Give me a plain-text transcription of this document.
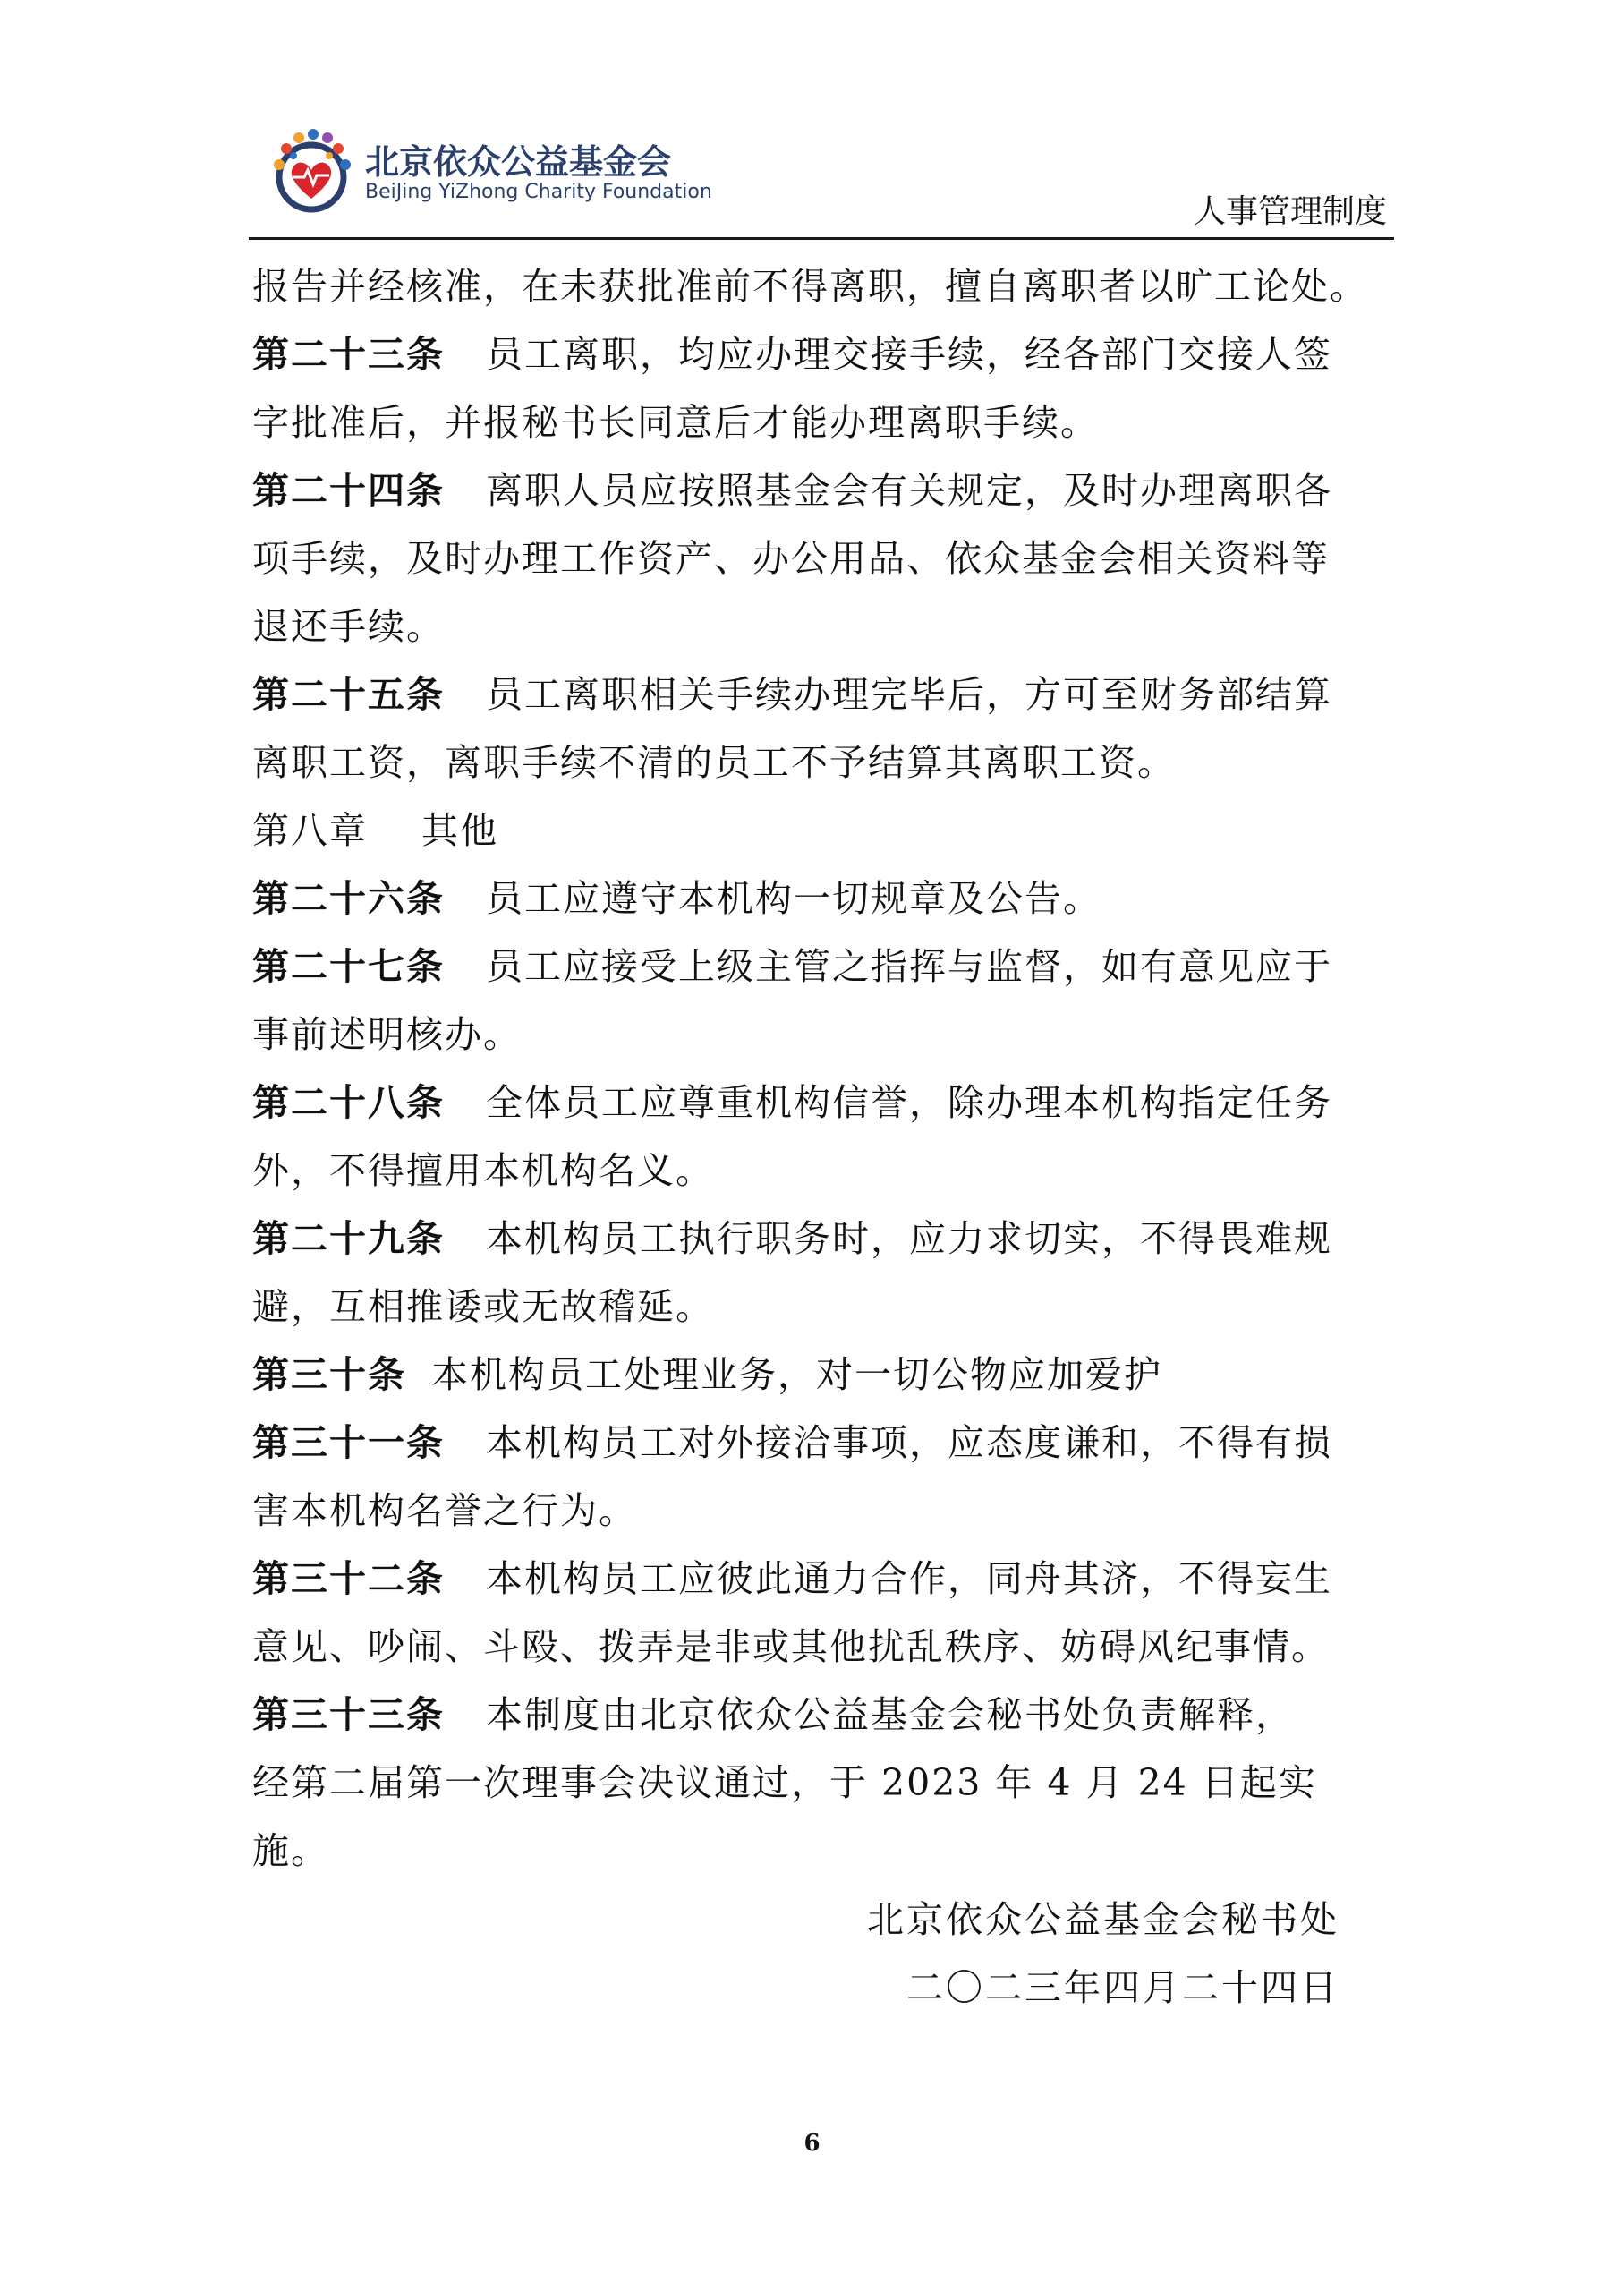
北京依众公益基金会
BeiJing YiZhong Charity Foundation
人事管理制度
报告并经核准，在未获批准前不得离职，擅自离职者以旷工论处。
第二十三条 员工离职，均应办理交接手续，经各部门交接人签
字批准后，并报秘书长同意后才能办理离职手续。
第二十四条 离职人员应按照基金会有关规定，及时办理离职各
项手续，及时办理工作资产、办公用品、依众基金会相关资料等
退还手续。
第二十五条 员工离职相关手续办理完毕后，方可至财务部结算
离职工资，离职手续不清的员工不予结算其离职工资。
第八章 其他
第二十六条 员工应遵守本机构一切规章及公告。
第二十七条 员工应接受上级主管之指挥与监督，如有意见应于
事前述明核办。
第二十八条 全体员工应尊重机构信誉，除办理本机构指定任务
外，不得擅用本机构名义。
第二十九条 本机构员工执行职务时，应力求切实，不得畏难规
避，互相推诿或无故稽延。
第三十条 本机构员工处理业务，对一切公物应加爱护
第三十一条 本机构员工对外接洽事项，应态度谦和，不得有损
害本机构名誉之行为。
第三十二条 本机构员工应彼此通力合作，同舟其济，不得妄生
意见、吵闹、斗殴、拨弄是非或其他扰乱秩序、妨碍风纪事情。
第三十三条 本制度由北京依众公益基金会秘书处负责解释，
经第二届第一次理事会决议通过，于 2023 年 4 月 24 日起实
施。
北京依众公益基金会秘书处
二〇二三年四月二十四日
6
